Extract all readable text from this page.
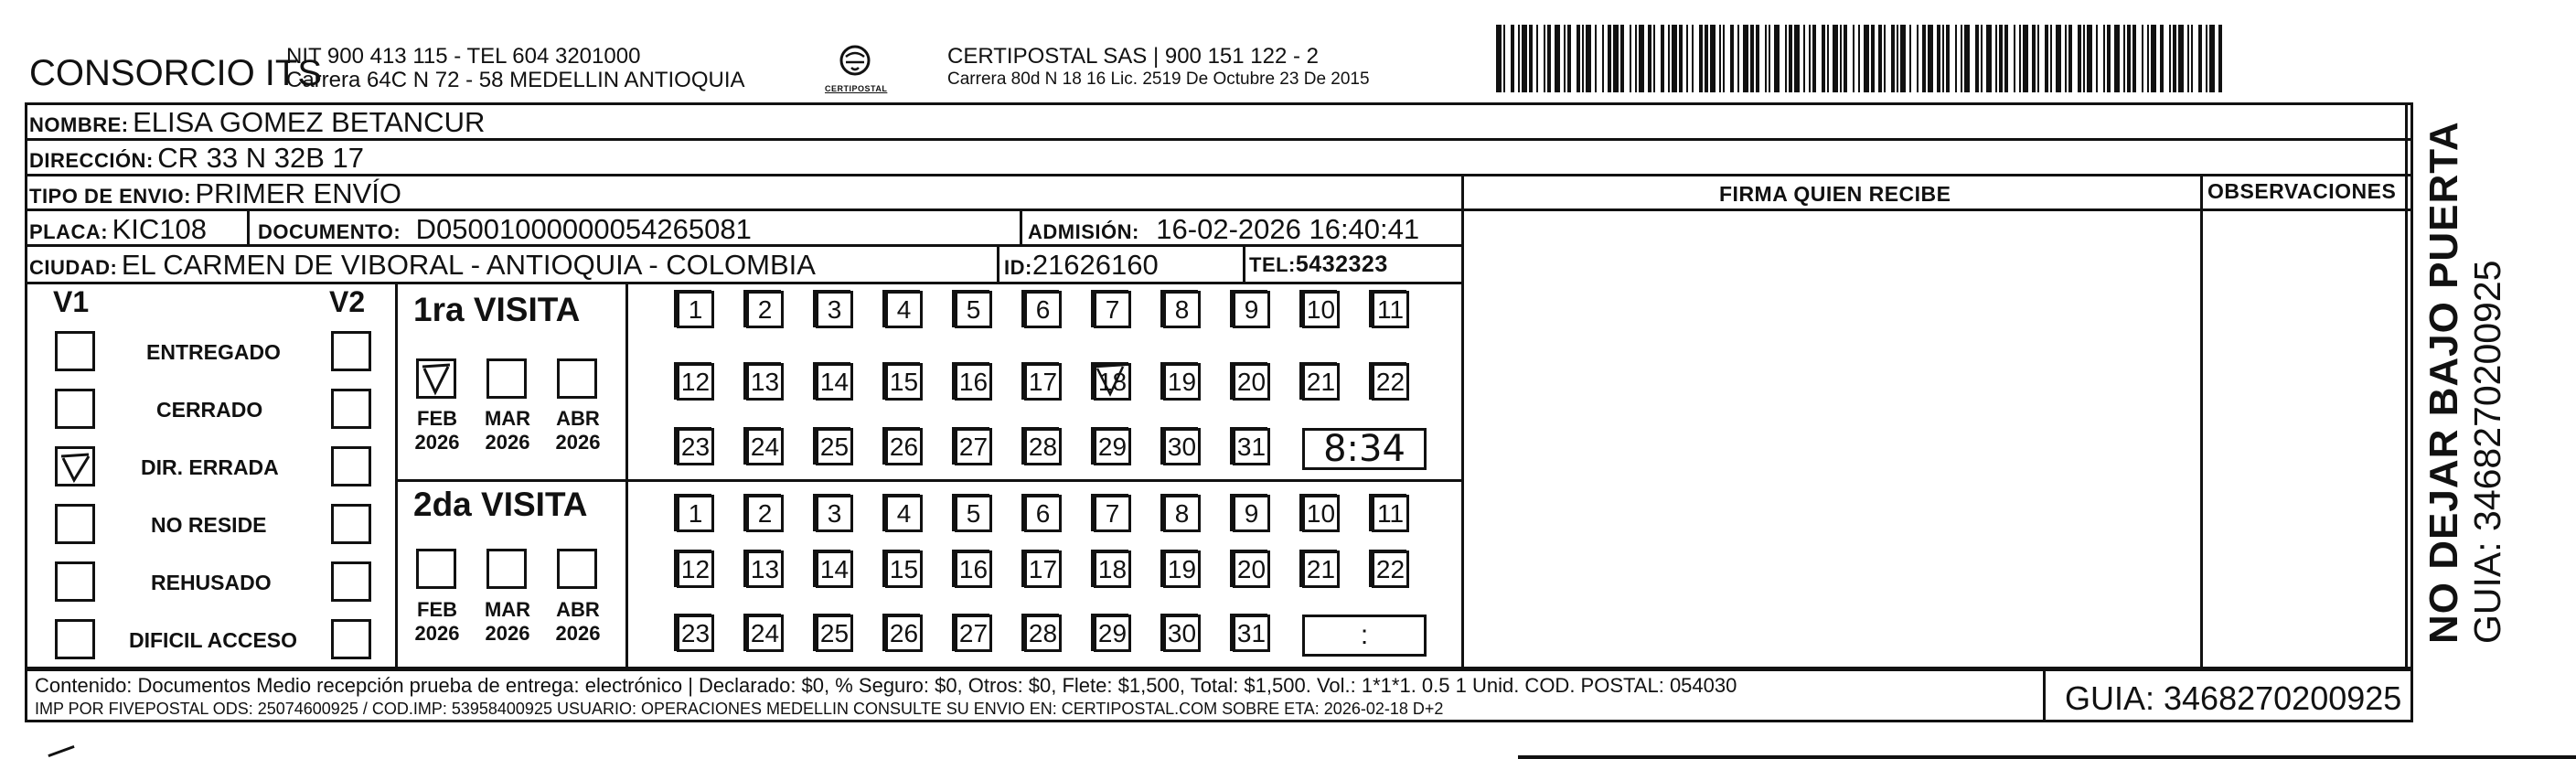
CONSORCIO ITS
NIT 900 413 115 - TEL 604 3201000
Carrera 64C N 72 - 58 MEDELLIN ANTIOQUIA	CERTIPOSTAL
CERTIPOSTAL SAS | 900 151 122 - 2
Carrera 80d N 18 16 Lic. 2519 De Octubre 23 De 2015
NOMBRE: ELISA GOMEZ BETANCUR
DIRECCIÓN: CR 33 N 32B 17
TIPO DE ENVIO: PRIMER ENVÍO	FIRMA QUIEN RECIBE	OBSERVACIONES
PLACA: KIC108	DOCUMENTO: D05001000000054265081	ADMISIÓN: 16-02-2026 16:40:41
CIUDAD: EL CARMEN DE VIBORAL - ANTIOQUIA - COLOMBIA	ID:21626160	TEL:5432323
V1	V2
ENTREGADO
CERRADO
DIR. ERRADA
NO RESIDE
REHUSADO
DIFICIL ACCESO
1ra VISITA
FEB
2026
MAR
2026
ABR
2026
1	2	3	4	5	6	7	8	9	10 11
12 13 14 15 16 17 18 19 20 21 22
23 24 25 26 27 28 29 30 31	8:34
2da VISITA
FEB
2026
MAR
2026
ABR
2026
1	2	3	4	5	6	7	8	9	10 11
12 13 14 15 16 17 18 19 20 21 22
23 24 25 26 27 28 29 30 31	:
Contenido: Documentos Medio recepción prueba de entrega: electrónico | Declarado: $0, % Seguro: $0, Otros: $0, Flete: $1,500, Total: $1,500. Vol.: 1*1*1. 0.5 1 Unid. COD. POSTAL: 054030
IMP POR FIVEPOSTAL ODS: 25074600925 / COD.IMP: 53958400925 USUARIO: OPERACIONES MEDELLIN CONSULTE SU ENVIO EN: CERTIPOSTAL.COM SOBRE ETA: 2026-02-18 D+2	GUIA: 3468270200925
NO DEJAR BAJO PUERTA GUIA: 3468270200925
